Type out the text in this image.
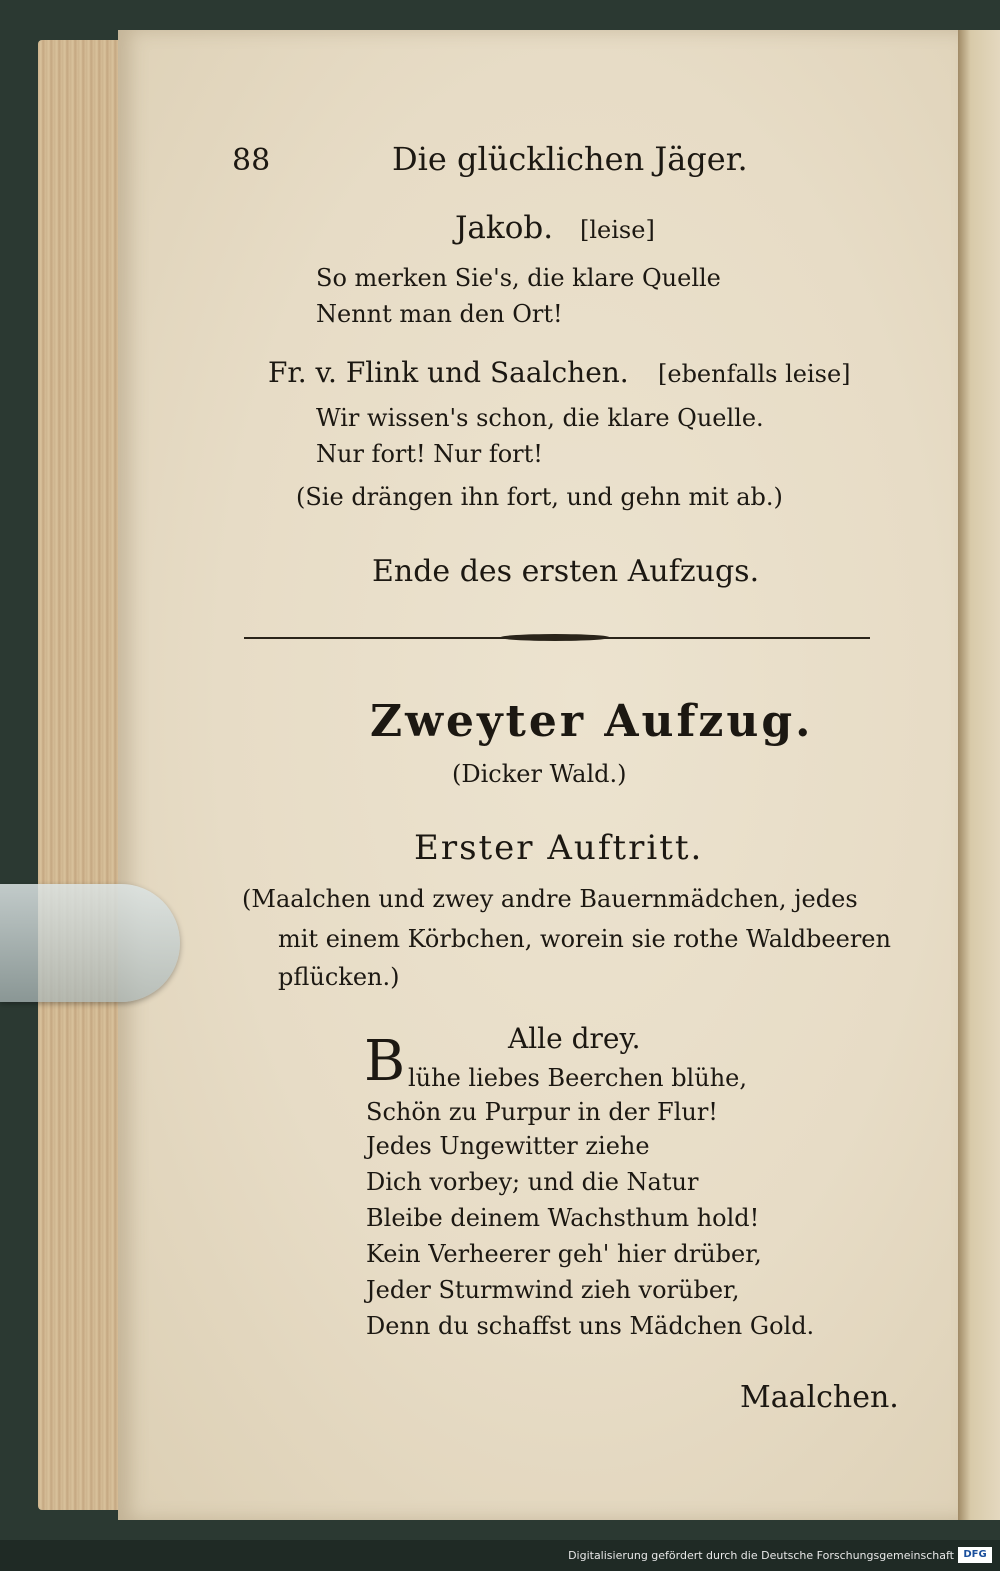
88	Die glücklichen Jäger.
Jakob. [leise]
So merken Sie's, die klare Quelle
Nennt man den Ort!
Fr. v. Flink und Saalchen. [ebenfalls leise]
Wir wissen's schon, die klare Quelle.
Nur fort! Nur fort!
(Sie drängen ihn fort, und gehn mit ab.)
Ende des ersten Aufzugs.
Zweyter Aufzug.
(Dicker Wald.)
Erster Auftritt.
(Maalchen und zwey andre Bauernmädchen, jedes
mit einem Körbchen, worein sie rothe Waldbeeren
pflücken.)
Alle drey.
B lühe liebes Beerchen blühe,
Schön zu Purpur in der Flur!
Jedes Ungewitter ziehe
Dich vorbey; und die Natur
Bleibe deinem Wachsthum hold!
Kein Verheerer geh' hier drüber,
Jeder Sturmwind zieh vorüber,
Denn du schaffst uns Mädchen Gold.
Maalchen.
Digitalisierung gefördert durch die Deutsche Forschungsgemeinschaft DFG
